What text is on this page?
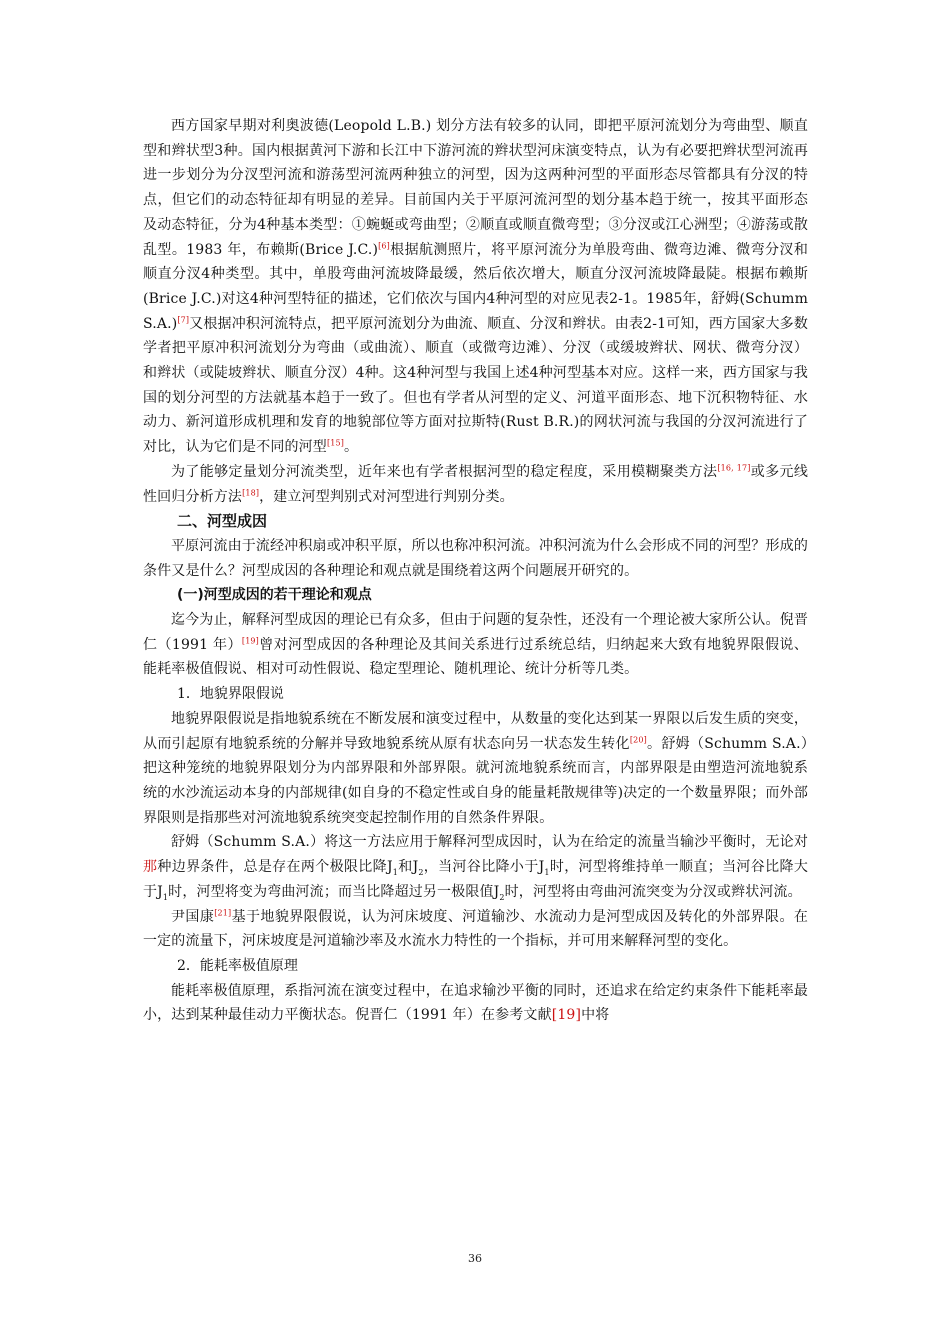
西方国家早期对利奥波德(Leopold L.B.) 划分方法有较多的认同，即把平原河流划分为弯曲型、顺直型和辫状型3种。国内根据黄河下游和长江中下游河流的辫状型河床演变特点，认为有必要把辫状型河流再进一步划分为分汊型河流和游荡型河流两种独立的河型，因为这两种河型的平面形态尽管都具有分汊的特点，但它们的动态特征却有明显的差异。目前国内关于平原河流河型的划分基本趋于统一，按其平面形态及动态特征，分为4种基本类型：①蜿蜒或弯曲型；②顺直或顺直微弯型；③分汊或江心洲型；④游荡或散乱型。1983 年，布赖斯(Brice J.C.)[6]根据航测照片，将平原河流分为单股弯曲、微弯边滩、微弯分汊和顺直分汊4种类型。其中，单股弯曲河流坡降最缓，然后依次增大，顺直分汊河流坡降最陡。根据布赖斯(Brice J.C.)对这4种河型特征的描述，它们依次与国内4种河型的对应见表2-1。1985年，舒姆(Schumm S.A.)[7]又根据冲积河流特点，把平原河流划分为曲流、顺直、分汊和辫状。由表2-1可知，西方国家大多数学者把平原冲积河流划分为弯曲（或曲流）、顺直（或微弯边滩）、分汊（或缓坡辫状、网状、微弯分汊）和辫状（或陡坡辫状、顺直分汊）4种。这4种河型与我国上述4种河型基本对应。这样一来，西方国家与我国的划分河型的方法就基本趋于一致了。但也有学者从河型的定义、河道平面形态、地下沉积物特征、水动力、新河道形成机理和发育的地貌部位等方面对拉斯特(Rust B.R.)的网状河流与我国的分汊河流进行了对比，认为它们是不同的河型[15]。

为了能够定量划分河流类型，近年来也有学者根据河型的稳定程度，采用模糊聚类方法[16, 17]或多元线性回归分析方法[18]，建立河型判别式对河型进行判别分类。

二、河型成因

平原河流由于流经冲积扇或冲积平原，所以也称冲积河流。冲积河流为什么会形成不同的河型？形成的条件又是什么？河型成因的各种理论和观点就是围绕着这两个问题展开研究的。

(一)河型成因的若干理论和观点

迄今为止，解释河型成因的理论已有众多，但由于问题的复杂性，还没有一个理论被大家所公认。倪晋仁（1991 年）[19]曾对河型成因的各种理论及其间关系进行过系统总结，归纳起来大致有地貌界限假说、能耗率极值假说、相对可动性假说、稳定型理论、随机理论、统计分析等几类。

1．地貌界限假说

地貌界限假说是指地貌系统在不断发展和演变过程中，从数量的变化达到某一界限以后发生质的突变，从而引起原有地貌系统的分解并导致地貌系统从原有状态向另一状态发生转化[20]。舒姆（Schumm S.A.）把这种笼统的地貌界限划分为内部界限和外部界限。就河流地貌系统而言，内部界限是由塑造河流地貌系统的水沙流运动本身的内部规律(如自身的不稳定性或自身的能量耗散规律等)决定的一个数量界限；而外部界限则是指那些对河流地貌系统突变起控制作用的自然条件界限。

舒姆（Schumm S.A.）将这一方法应用于解释河型成因时，认为在给定的流量当输沙平衡时，无论对那种边界条件，总是存在两个极限比降$J_1$和$J_2$，当河谷比降小于$J_1$时，河型将维持单一顺直；当河谷比降大于$J_1$时，河型将变为弯曲河流；而当比降超过另一极限值$J_2$时，河型将由弯曲河流突变为分汊或辫状河流。

尹国康[21]基于地貌界限假说，认为河床坡度、河道输沙、水流动力是河型成因及转化的外部界限。在一定的流量下，河床坡度是河道输沙率及水流水力特性的一个指标，并可用来解释河型的变化。

2．能耗率极值原理

能耗率极值原理，系指河流在演变过程中，在追求输沙平衡的同时，还追求在给定约束条件下能耗率最小，达到某种最佳动力平衡状态。倪晋仁（1991 年）在参考文献[19]中将

36
